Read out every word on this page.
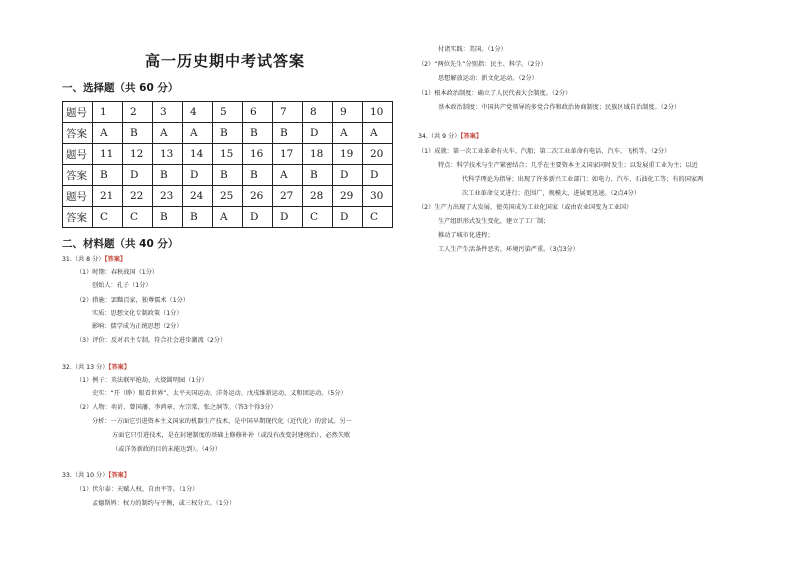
高一历史期中考试答案
一、选择题（共 60 分）
题号	1	2	3	4	5	6	7	8	9	10
答案	A	B	A	A	B	B	B	D	A	A
题号	11	12	13	14	15	16	17	18	19	20
答案	B	D	B	D	B	B	A	B	D	D
题号	21	22	23	24	25	26	27	28	29	30
答案	C	C	B	B	A	D	D	C	D	C
二、材料题（共 40 分）
31.（共 8 分）【答案】
（1）时期：春秋战国（1分）
创始人：孔子（1分）
（2）措施：罢黜百家，独尊儒术（1分）
实质：思想文化专制政策（1分）
影响：儒学成为正统思想（2分）
（3）评价：反对君主专制，符合社会进步潮流（2分）
32.（共 13 分）【答案】
（1）例子：英法联军抢劫、火烧圆明园（1分）
史实：“开（睁）眼看世界”、太平天国运动、洋务运动、戊戌维新运动、义和团运动。（5分）
（2）人物：奕䜣、曾国藩、李鸿章、左宗棠、张之洞等。（答3个得3分）
分析：一方面它引进资本主义国家的机器生产技术，是中国早期现代化（近代化）的尝试。另一
方面它只引进技术，是在封建制度的基础上修修补补（或没有改变封建统治），必然失败
（或洋务新政的目的未能达到）。（4分）
33.（共 10 分）【答案】
（1）伏尔泰：天赋人权、自由平等。（1分）
孟德斯鸠：权力的制约与平衡，或三权分立。（1分）
付诸实践：美国。（1分）
（2）“两位先生”分别指：民主、科学。（2分）
思想解放运动：新文化运动。（2分）
（1）根本政治制度：确立了人民代表大会制度。（2分）
基本政治制度：中国共产党领导的多党合作和政治协商制度；民族区域自治制度。（2分）
34.（共 9 分）【答案】
（1）成就：第一次工业革命有火车、汽船；第二次工业革命有电话、汽车、飞机等。（2分）
特点：科学技术与生产紧密结合；几乎在主要资本主义国家同时发生；以发展重工业为主；以近
代科学理论为指导；出现了许多新兴工业部门：如电力、汽车、石油化工等；有的国家两
次工业革命交叉进行；范围广，规模大，进展更迅速。（2点4分）
（2）生产力出现了大发展，使英国成为工业化国家（或由农业国变为工业国）
生产组织形式发生变化，建立了工厂制；
推动了城市化进程；
工人生产生活条件恶劣，环境污染严重。（3点3分）
